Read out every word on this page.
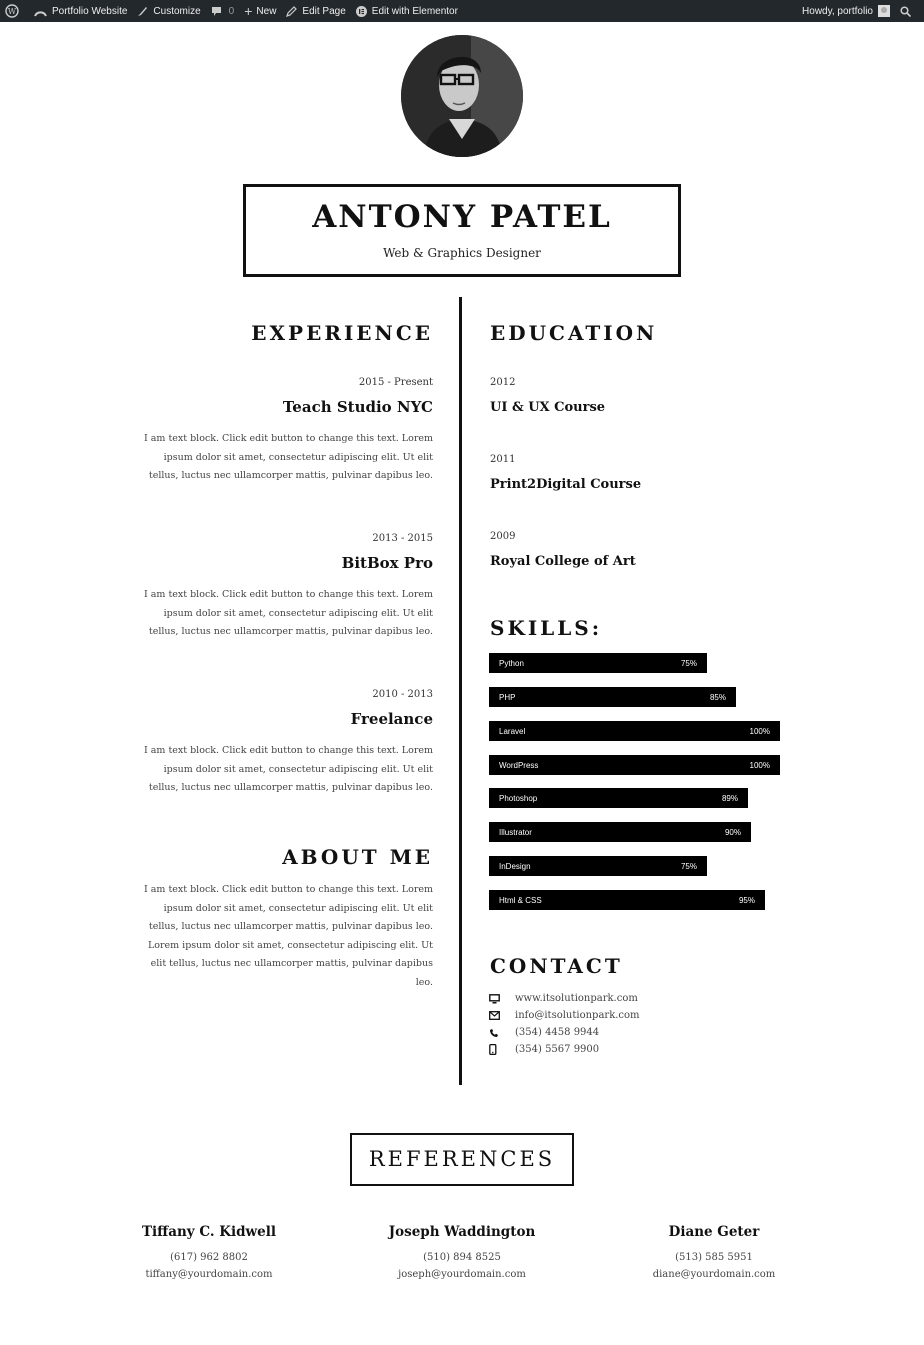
W	Portfolio Website	Customize	0 + New	Edit Page	Edit with Elementor	Howdy, portfolio
ANTONY PATEL

Web & Graphics Designer

EXPERIENCE
2015 - Present
Teach Studio NYC
I am text block. Click edit button to change this text. Lorem ipsum dolor sit amet, consectetur adipiscing elit. Ut elit tellus, luctus nec ullamcorper mattis, pulvinar dapibus leo.
2013 - 2015
BitBox Pro
I am text block. Click edit button to change this text. Lorem ipsum dolor sit amet, consectetur adipiscing elit. Ut elit tellus, luctus nec ullamcorper mattis, pulvinar dapibus leo.
2010 - 2013
Freelance
I am text block. Click edit button to change this text. Lorem ipsum dolor sit amet, consectetur adipiscing elit. Ut elit tellus, luctus nec ullamcorper mattis, pulvinar dapibus leo.
ABOUT ME
I am text block. Click edit button to change this text. Lorem ipsum dolor sit amet, consectetur adipiscing elit. Ut elit tellus, luctus nec ullamcorper mattis, pulvinar dapibus leo. Lorem ipsum dolor sit amet, consectetur adipiscing elit. Ut elit tellus, luctus nec ullamcorper mattis, pulvinar dapibus leo.
EDUCATION
2012
UI & UX Course
2011
Print2Digital Course
2009
Royal College of Art
SKILLS:
Python	75%
PHP	85%
Laravel	100%
WordPress	100%
Photoshop	89%
Illustrator	90%
InDesign	75%
Html & CSS	95%
CONTACT
www.itsolutionpark.com
info@itsolutionpark.com
(354) 4458 9944
(354) 5567 9900
REFERENCES
Tiffany C. Kidwell
(617) 962 8802
tiffany@yourdomain.com
Joseph Waddington
(510) 894 8525
joseph@yourdomain.com
Diane Geter
(513) 585 5951
diane@yourdomain.com
